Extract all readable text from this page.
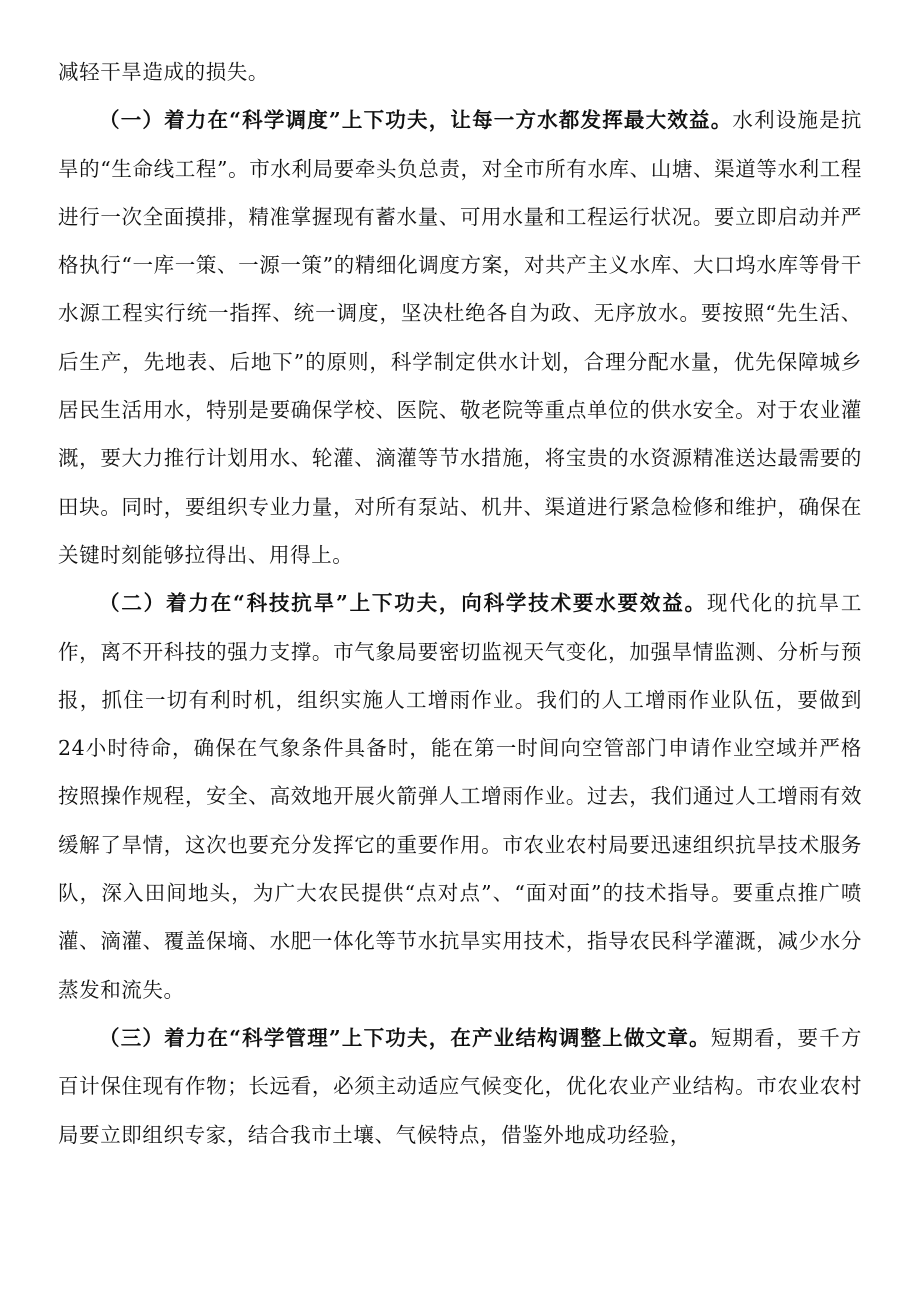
减轻干旱造成的损失。

（一）着力在“科学调度”上下功夫，让每一方水都发挥最大效益。水利设施是抗旱的“生命线工程”。市水利局要牵头负总责，对全市所有水库、山塘、渠道等水利工程进行一次全面摸排，精准掌握现有蓄水量、可用水量和工程运行状况。要立即启动并严格执行“一库一策、一源一策”的精细化调度方案，对共产主义水库、大口坞水库等骨干水源工程实行统一指挥、统一调度，坚决杜绝各自为政、无序放水。要按照“先生活、后生产，先地表、后地下”的原则，科学制定供水计划，合理分配水量，优先保障城乡居民生活用水，特别是要确保学校、医院、敬老院等重点单位的供水安全。对于农业灌溉，要大力推行计划用水、轮灌、滴灌等节水措施，将宝贵的水资源精准送达最需要的田块。同时，要组织专业力量，对所有泵站、机井、渠道进行紧急检修和维护，确保在关键时刻能够拉得出、用得上。

（二）着力在“科技抗旱”上下功夫，向科学技术要水要效益。现代化的抗旱工作，离不开科技的强力支撑。市气象局要密切监视天气变化，加强旱情监测、分析与预报，抓住一切有利时机，组织实施人工增雨作业。我们的人工增雨作业队伍，要做到24小时待命，确保在气象条件具备时，能在第一时间向空管部门申请作业空域并严格按照操作规程，安全、高效地开展火箭弹人工增雨作业。过去，我们通过人工增雨有效缓解了旱情，这次也要充分发挥它的重要作用。市农业农村局要迅速组织抗旱技术服务队，深入田间地头，为广大农民提供“点对点”、“面对面”的技术指导。要重点推广喷灌、滴灌、覆盖保墒、水肥一体化等节水抗旱实用技术，指导农民科学灌溉，减少水分蒸发和流失。

（三）着力在“科学管理”上下功夫，在产业结构调整上做文章。短期看，要千方百计保住现有作物；长远看，必须主动适应气候变化，优化农业产业结构。市农业农村局要立即组织专家，结合我市土壤、气候特点，借鉴外地成功经验，
